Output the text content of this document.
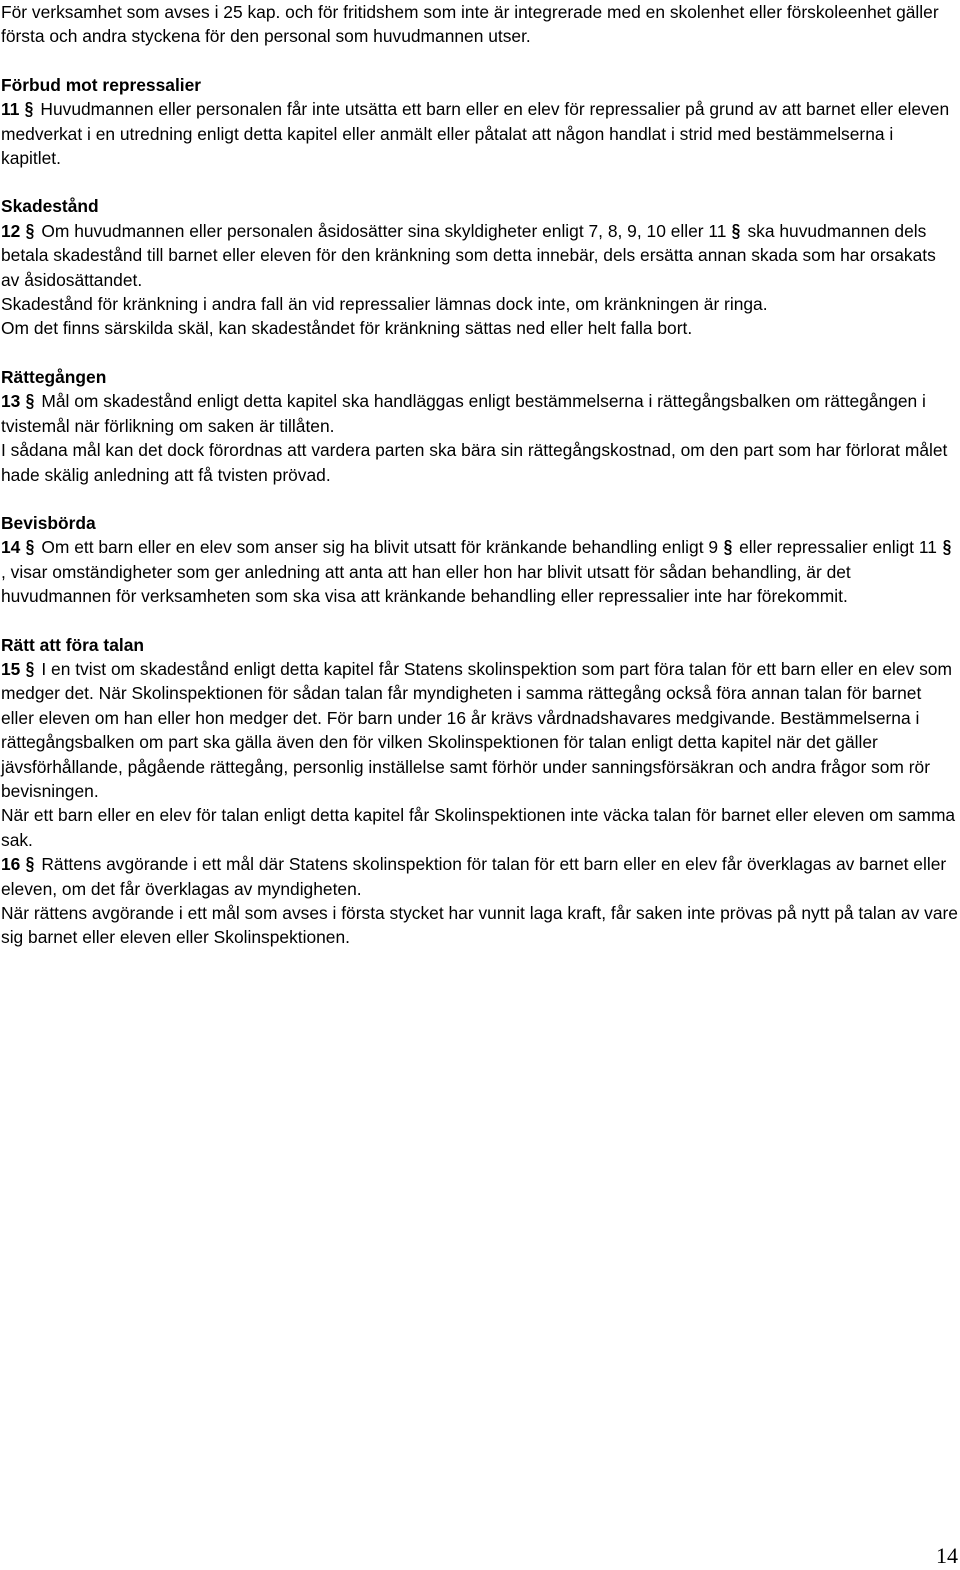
För verksamhet som avses i 25 kap. och för fritidshem som inte är integrerade med en skolenhet eller förskoleenhet gäller första och andra styckena för den personal som huvudmannen utser.

Förbud mot repressalier

11 § Huvudmannen eller personalen får inte utsätta ett barn eller en elev för repressalier på grund av att barnet eller eleven medverkat i en utredning enligt detta kapitel eller anmält eller påtalat att någon handlat i strid med bestämmelserna i kapitlet.

Skadestånd

12 § Om huvudmannen eller personalen åsidosätter sina skyldigheter enligt 7, 8, 9, 10 eller 11 § ska huvudmannen dels betala skadestånd till barnet eller eleven för den kränkning som detta innebär, dels ersätta annan skada som har orsakats av åsidosättandet.

Skadestånd för kränkning i andra fall än vid repressalier lämnas dock inte, om kränkningen är ringa.

Om det finns särskilda skäl, kan skadeståndet för kränkning sättas ned eller helt falla bort.

Rättegången

13 § Mål om skadestånd enligt detta kapitel ska handläggas enligt bestämmelserna i rättegångsbalken om rättegången i tvistemål när förlikning om saken är tillåten.

I sådana mål kan det dock förordnas att vardera parten ska bära sin rättegångskostnad, om den part som har förlorat målet hade skälig anledning att få tvisten prövad.

Bevisbörda

14 § Om ett barn eller en elev som anser sig ha blivit utsatt för kränkande behandling enligt 9 § eller repressalier enligt 11 §, visar omständigheter som ger anledning att anta att han eller hon har blivit utsatt för sådan behandling, är det huvudmannen för verksamheten som ska visa att kränkande behandling eller repressalier inte har förekommit.

Rätt att föra talan

15 § I en tvist om skadestånd enligt detta kapitel får Statens skolinspektion som part föra talan för ett barn eller en elev som medger det. När Skolinspektionen för sådan talan får myndigheten i samma rättegång också föra annan talan för barnet eller eleven om han eller hon medger det. För barn under 16 år krävs vårdnadshavares medgivande. Bestämmelserna i rättegångsbalken om part ska gälla även den för vilken Skolinspektionen för talan enligt detta kapitel när det gäller jävsförhållande, pågående rättegång, personlig inställelse samt förhör under sanningsförsäkran och andra frågor som rör bevisningen.

När ett barn eller en elev för talan enligt detta kapitel får Skolinspektionen inte väcka talan för barnet eller eleven om samma sak.

16 § Rättens avgörande i ett mål där Statens skolinspektion för talan för ett barn eller en elev får överklagas av barnet eller eleven, om det får överklagas av myndigheten.

När rättens avgörande i ett mål som avses i första stycket har vunnit laga kraft, får saken inte prövas på nytt på talan av vare sig barnet eller eleven eller Skolinspektionen.

14
